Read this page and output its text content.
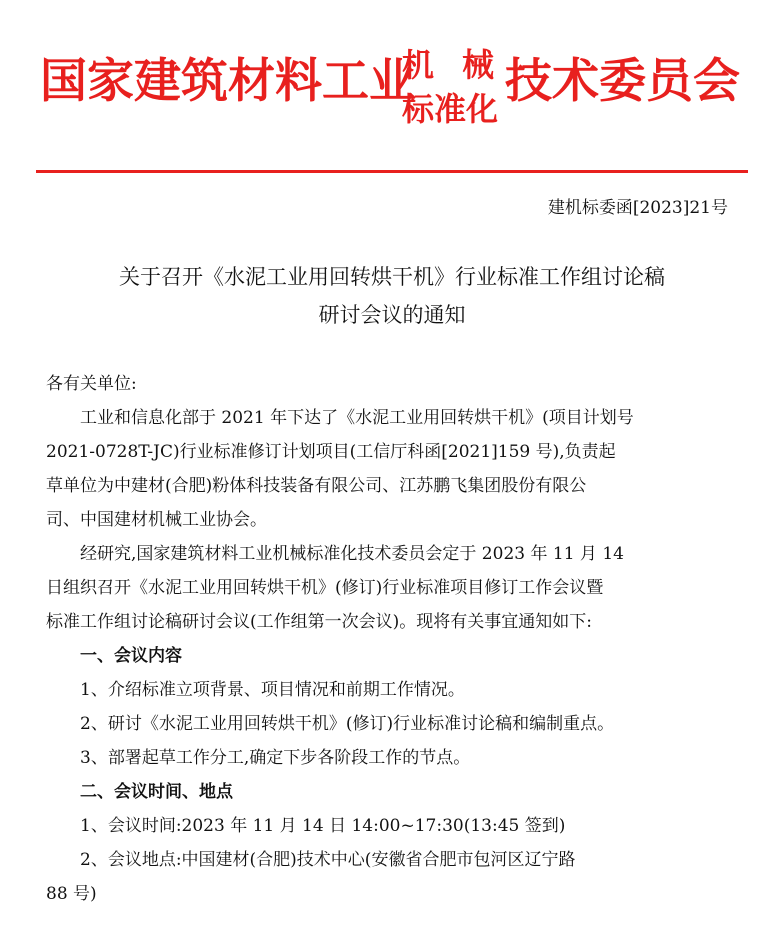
国家建筑材料工业
机械
标准化 技术委员会
建机标委函[2023]21号
关于召开《水泥工业用回转烘干机》行业标准工作组讨论稿
研讨会议的通知
各有关单位:
工业和信息化部于 2021 年下达了《水泥工业用回转烘干机》(项目计划号
2021-0728T-JC)行业标准修订计划项目(工信厅科函[2021]159 号),负责起
草单位为中建材(合肥)粉体科技装备有限公司、江苏鹏飞集团股份有限公
司、中国建材机械工业协会。
经研究,国家建筑材料工业机械标准化技术委员会定于 2023 年 11 月 14
日组织召开《水泥工业用回转烘干机》(修订)行业标准项目修订工作会议暨
标准工作组讨论稿研讨会议(工作组第一次会议)。现将有关事宜通知如下:
一、会议内容
1、介绍标准立项背景、项目情况和前期工作情况。
2、研讨《水泥工业用回转烘干机》(修订)行业标准讨论稿和编制重点。
3、部署起草工作分工,确定下步各阶段工作的节点。
二、会议时间、地点
1、会议时间:2023 年 11 月 14 日 14:00~17:30(13:45 签到)
2、会议地点:中国建材(合肥)技术中心(安徽省合肥市包河区辽宁路
88 号)
